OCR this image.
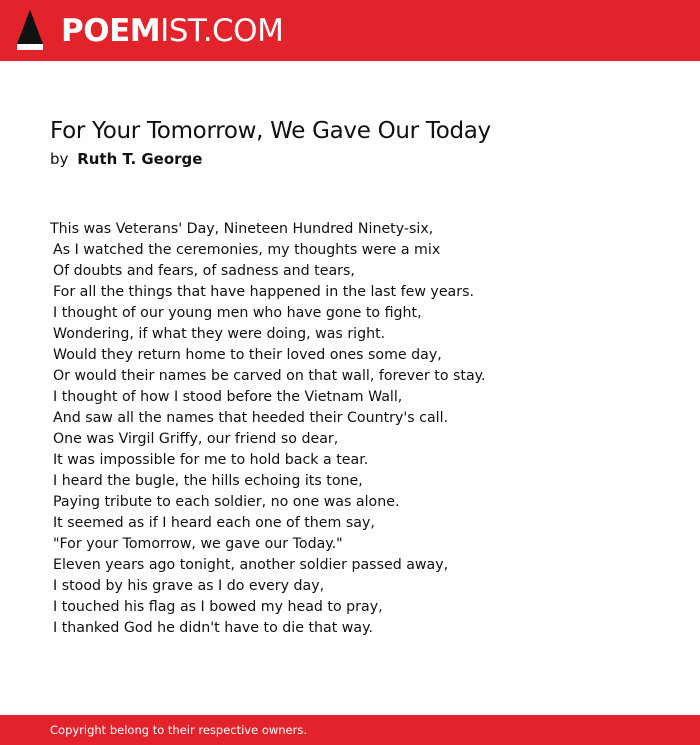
POEMIST.COM
For Your Tomorrow, We Gave Our Today
by Ruth T. George
This was Veterans' Day, Nineteen Hundred Ninety-six,
As I watched the ceremonies, my thoughts were a mix
Of doubts and fears, of sadness and tears,
For all the things that have happened in the last few years.
I thought of our young men who have gone to fight,
Wondering, if what they were doing, was right.
Would they return home to their loved ones some day,
Or would their names be carved on that wall, forever to stay.
I thought of how I stood before the Vietnam Wall,
And saw all the names that heeded their Country's call.
One was Virgil Griffy, our friend so dear,
It was impossible for me to hold back a tear.
I heard the bugle, the hills echoing its tone,
Paying tribute to each soldier, no one was alone.
It seemed as if I heard each one of them say,
"For your Tomorrow, we gave our Today."
Eleven years ago tonight, another soldier passed away,
I stood by his grave as I do every day,
I touched his flag as I bowed my head to pray,
I thanked God he didn't have to die that way.
Copyright belong to their respective owners.
